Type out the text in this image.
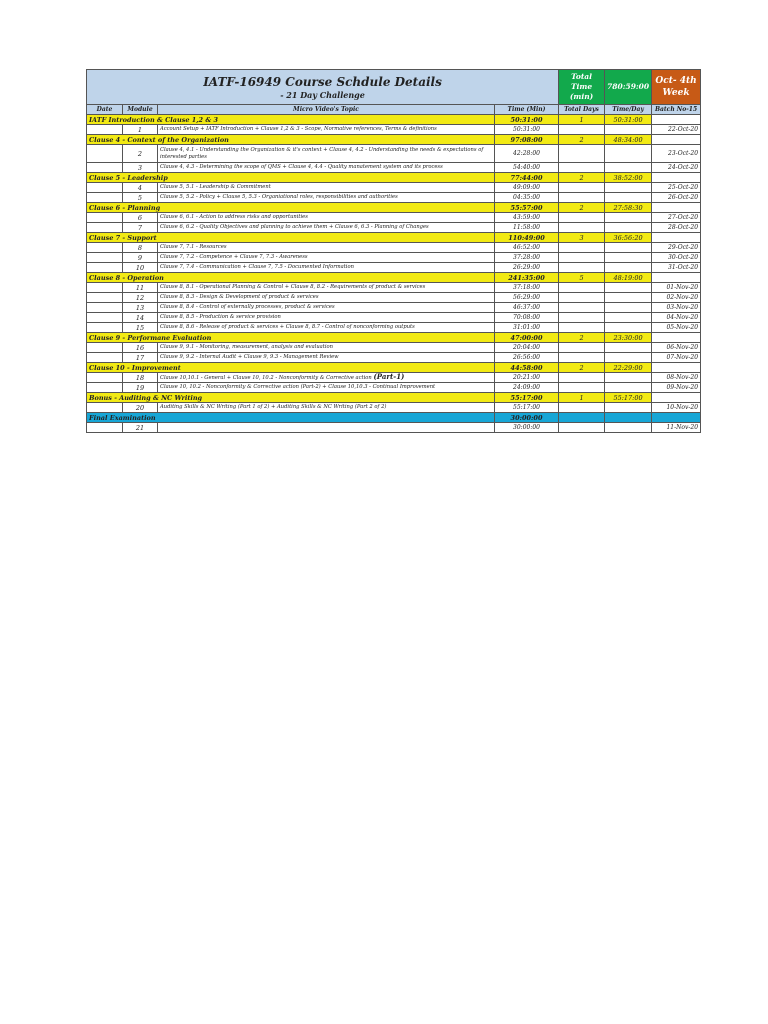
IATF-16949 Course Schdule Details
- 21 Day Challenge				Total Time (min)	780:59:00	Oct- 4th Week
Date	Module	Micro Video's Topic	Time (Min)	Total Days	Time/Day	Batch No-15
IATF Introduction & Clause 1,2 & 3			50:31:00	1	50:31:00	
	1	Account Setup + IATF Introduction + Clause 1,2 & 3 - Scope, Normative references, Terms & definitions	50:31:00			22-Oct-20
Clause 4 - Context of the Organization			97:08:00	2	48:34:00	
	2	Clause 4, 4.1 - Understanding the Organization & it's context + Clause 4, 4.2 - Understanding the needs & expectations of interested parties	42:28:00			23-Oct-20
	3	Clause 4, 4.3 - Determining the scope of QMS + Clause 4, 4.4 - Quality manatement system and its process	54:40:00			24-Oct-20
Clause 5 - Leadership			77:44:00	2	38:52:00	
	4	Clause 5, 5.1 - Leadership & Commitment	49:09:00			25-Oct-20
	5	Clause 5, 5.2 - Policy + Clause 5, 5.3 - Organiational roles, responsibilities and authorities	04:35:00			26-Oct-20
Clause 6 - Planning			55:57:00	2	27:58:30	
	6	Clause 6, 6.1 - Action to address risks and opportunities	43:59:00			27-Oct-20
	7	Clause 6, 6.2 - Quality Objectives and planning to achieve them + Clause 6, 6.3 - Planning of Changes	11:58:00			28-Oct-20
Clause 7 - Support			110:49:00	3	36:56:20	
	8	Clause 7, 7.1 - Resources	46:52:00			29-Oct-20
	9	Clause 7, 7.2 - Competence + Clause 7, 7.3 - Awareness	37:28:00			30-Oct-20
	10	Clause 7, 7.4 - Communication + Clause 7, 7.5 - Documented Information	26:29:00			31-Oct-20
Clause 8 - Operation			241:35:00	5	48:19:00	
	11	Clause 8, 8.1 - Operational Planning & Control + Clause 8, 8.2 - Requirements of product & services	37:18:00			01-Nov-20
	12	Clause 8, 8.3 - Design & Development of product & services	56:29:00			02-Nov-20
	13	Clause 8, 8.4 - Control of externally processes, product & services	46:37:00			03-Nov-20
	14	Clause 8, 8.5 - Production & service provision	70:08:00			04-Nov-20
	15	Clause 8, 8.6 - Release of product & services + Clause 8, 8.7 - Control of nonconforming outputs	31:01:00			05-Nov-20
Clause 9 - Performane Evaluation			47:00:00	2	23:30:00	
	16	Clause 9, 9.1 - Monitoring, measurement, analysis and evaluation	20:04:00			06-Nov-20
	17	Clause 9, 9.2 - Internal Audit + Clause 9, 9.3 - Management Review	26:56:00			07-Nov-20
Clause 10 - Improvement			44:58:00	2	22:29:00	
	18	Clause 10,10.1 - General + Clause 10, 10.2 - Nonconformity & Corrective action (Part-1)	20:21:00			08-Nov-20
	19	Clause 10, 10.2 - Nonconformity & Corrective action (Part-2) + Clause 10,10.3 - Continual Improvement	24:09:00			09-Nov-20
Bonus - Auditing & NC Writing			55:17:00	1	55:17:00	
	20	Auditing Skills & NC Writing (Part 1 of 2) + Auditing Skills & NC Writing (Part 2 of 2)	55:17:00			10-Nov-20
Final Examination			30:00:00			
	21		30:00:00			11-Nov-20
